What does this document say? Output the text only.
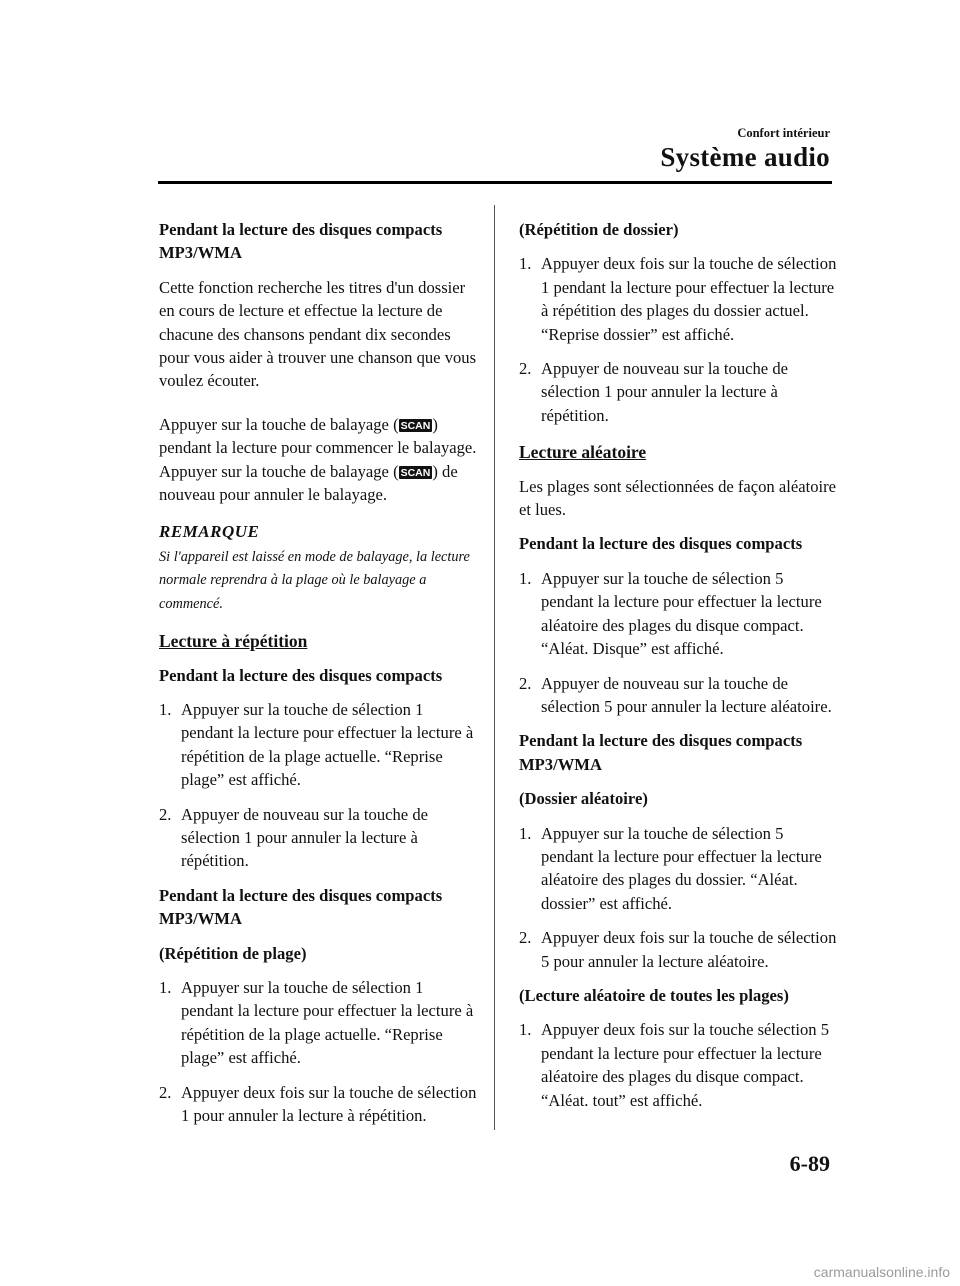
Confort intérieur
Système audio

Pendant la lecture des disques compacts MP3/WMA

Cette fonction recherche les titres d'un dossier en cours de lecture et effectue la lecture de chacune des chansons pendant dix secondes pour vous aider à trouver une chanson que vous voulez écouter.

Appuyer sur la touche de balayage ( SCAN ) pendant la lecture pour commencer le balayage.
Appuyer sur la touche de balayage ( SCAN ) de nouveau pour annuler le balayage.

REMARQUE
Si l'appareil est laissé en mode de balayage, la lecture normale reprendra à la plage où le balayage a commencé.
Lecture à répétition

Pendant la lecture des disques compacts

1. Appuyer sur la touche de sélection 1 pendant la lecture pour effectuer la lecture à répétition de la plage actuelle. “Reprise plage” est affiché.
2. Appuyer de nouveau sur la touche de sélection 1 pour annuler la lecture à répétition.

Pendant la lecture des disques compacts MP3/WMA

(Répétition de plage)

1. Appuyer sur la touche de sélection 1 pendant la lecture pour effectuer la lecture à répétition de la plage actuelle. “Reprise plage” est affiché.
2. Appuyer deux fois sur la touche de sélection 1 pour annuler la lecture à répétition.

(Répétition de dossier)

1. Appuyer deux fois sur la touche de sélection 1 pendant la lecture pour effectuer la lecture à répétition des plages du dossier actuel.
“Reprise dossier” est affiché.
2. Appuyer de nouveau sur la touche de sélection 1 pour annuler la lecture à répétition.
Lecture aléatoire

Les plages sont sélectionnées de façon aléatoire et lues.

Pendant la lecture des disques compacts

1. Appuyer sur la touche de sélection 5 pendant la lecture pour effectuer la lecture aléatoire des plages du disque compact. “Aléat. Disque” est affiché.
2. Appuyer de nouveau sur la touche de sélection 5 pour annuler la lecture aléatoire.

Pendant la lecture des disques compacts MP3/WMA

(Dossier aléatoire)

1. Appuyer sur la touche de sélection 5 pendant la lecture pour effectuer la lecture aléatoire des plages du dossier. “Aléat. dossier” est affiché.
2. Appuyer deux fois sur la touche de sélection 5 pour annuler la lecture aléatoire.

(Lecture aléatoire de toutes les plages)

1. Appuyer deux fois sur la touche sélection 5 pendant la lecture pour effectuer la lecture aléatoire des plages du disque compact. “Aléat. tout” est affiché.
6-89
carmanualsonline.info
